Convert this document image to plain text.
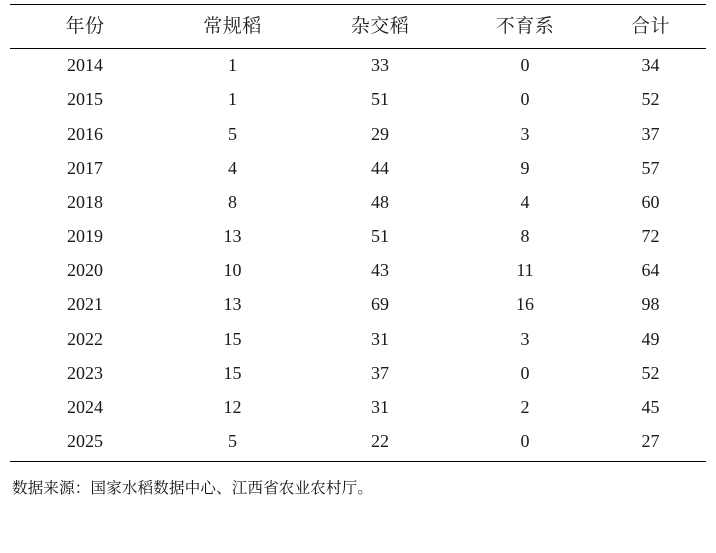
年份	常规稻	杂交稻	不育系	合计
2014	1	33	0	34
2015	1	51	0	52
2016	5	29	3	37
2017	4	44	9	57
2018	8	48	4	60
2019	13	51	8	72
2020	10	43	11	64
2021	13	69	16	98
2022	15	31	3	49
2023	15	37	0	52
2024	12	31	2	45
2025	5	22	0	27
数据来源：国家水稻数据中心、江西省农业农村厅。
